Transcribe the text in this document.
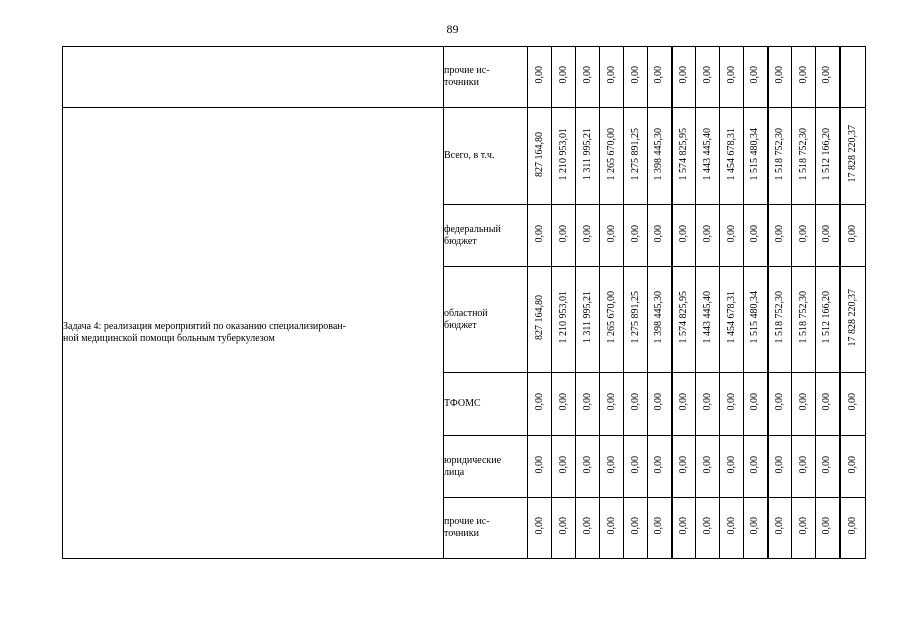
89
	прочие ис-
точники	0,00	0,00	0,00	0,00	0,00	0,00	0,00	0,00	0,00	0,00	0,00	0,00	0,00	
Задача 4: реализация мероприятий по оказанию специализирован-
ной медицинской помощи больным туберкулезом	Всего, в т.ч.	827 164,80	1 210 953,01	1 311 995,21	1 265 670,00	1 275 891,25	1 398 445,30	1 574 825,95	1 443 445,40	1 454 678,31	1 515 480,34	1 518 752,30	1 518 752,30	1 512 166,20	17 828 220,37
	федеральный
бюджет	0,00	0,00	0,00	0,00	0,00	0,00	0,00	0,00	0,00	0,00	0,00	0,00	0,00	0,00
	областной
бюджет	827 164,80	1 210 953,01	1 311 995,21	1 265 670,00	1 275 891,25	1 398 445,30	1 574 825,95	1 443 445,40	1 454 678,31	1 515 480,34	1 518 752,30	1 518 752,30	1 512 166,20	17 828 220,37
	ТФОМС	0,00	0,00	0,00	0,00	0,00	0,00	0,00	0,00	0,00	0,00	0,00	0,00	0,00	0,00
	юридические
лица	0,00	0,00	0,00	0,00	0,00	0,00	0,00	0,00	0,00	0,00	0,00	0,00	0,00	0,00
	прочие ис-
точники	0,00	0,00	0,00	0,00	0,00	0,00	0,00	0,00	0,00	0,00	0,00	0,00	0,00	0,00
